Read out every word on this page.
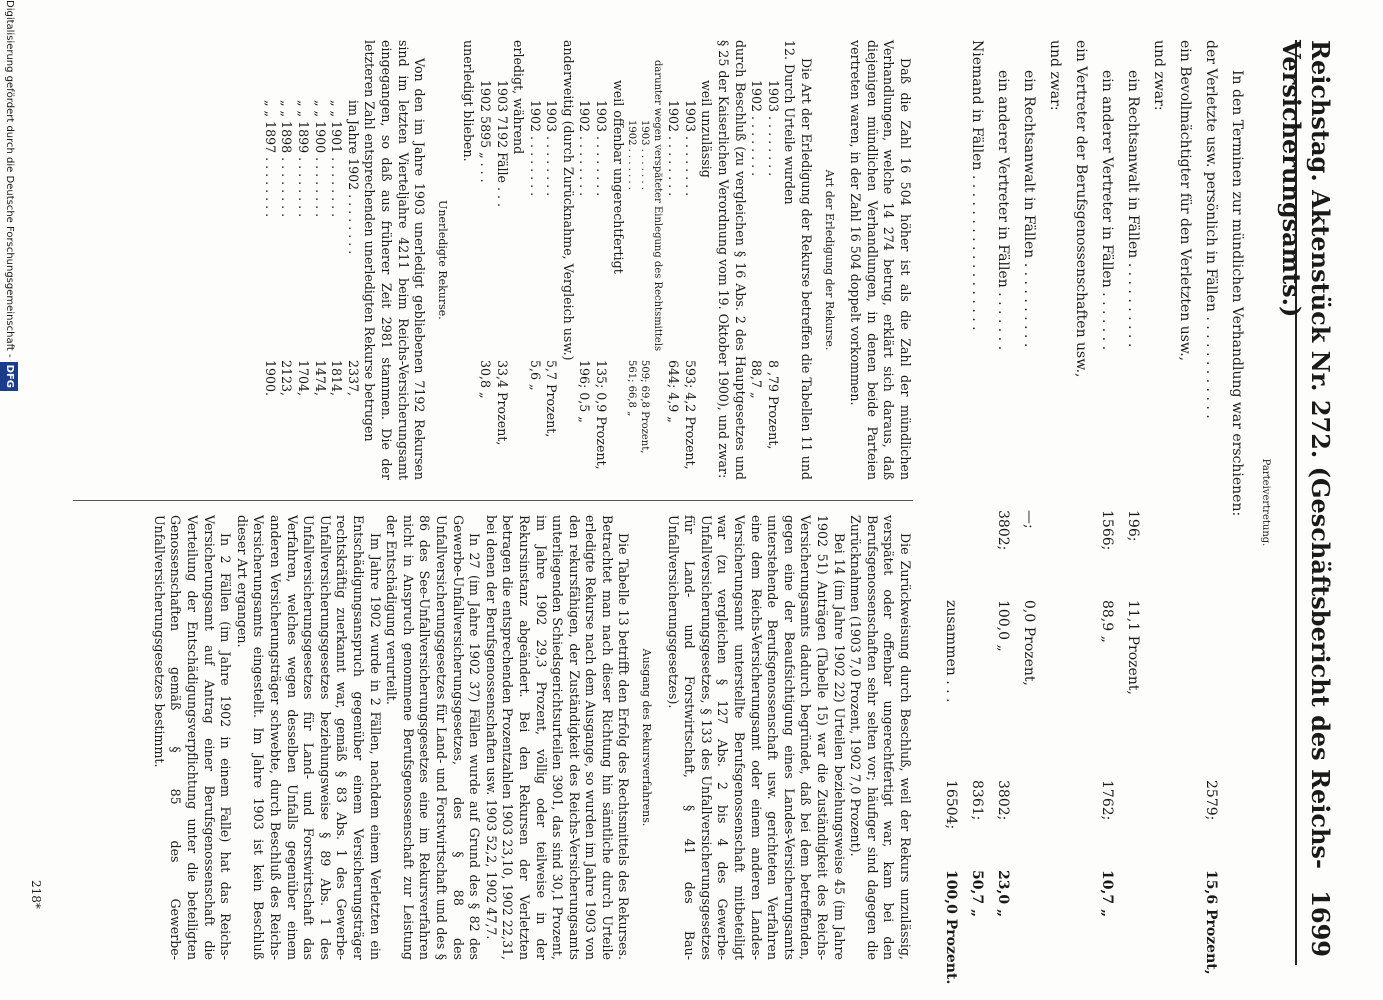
Reichstag. Aktenstück Nr. 272. (Geschäftsbericht des Reichs-Versicherungsamts.)
1699
Parteivertretung.
In den Terminen zur mündlichen Verhandlung war erschienen:
der Verletzte usw. persönlich in Fällen . . . . . . . . . . . .
2579;
15,6 Prozent,
ein Bevollmächtigter für den Verletzten usw.,
und zwar:
ein Rechtsanwalt in Fällen . . . . . . . . . .
196;
11,1 Prozent,
ein anderer Vertreter in Fällen . . . . . . .
1566;
88,9 „
1762;
10,7 „
ein Vertreter der Berufsgenossenschaften usw.,
und zwar:
ein Rechtsanwalt in Fällen . . . . . . . . . .
—;
0,0 Prozent,
ein anderer Vertreter in Fällen . . . . . . .
3802;
100,0 „
3802;
23,0 „
Niemand in Fällen . . . . . . . . . . . . . . . . . .
8361;
50,7 „
zusammen . . .
16504;
100,0 Prozent.

Daß die Zahl 16 504 höher ist als die Zahl der mündlichen Verhandlungen, welche 14 274 betrug, erklärt sich daraus, daß diejenigen mündlichen Verhandlungen, in denen beide Parteien vertreten waren, in der Zahl 16 504 doppelt vorkommen.

Art der Erledigung der Rekurse.

Die Art der Erledigung der Rekurse betreffen die Tabellen 11 und 12. Durch Urteile wurden

1903 . . . . . . . .
8 ,79 Prozent,
1902 . . . . . . . .
88,7 „

durch Beschluß (zu vergleichen § 16 Abs. 2 des Hauptgesetzes und § 25 der Kaiserlichen Verordnung vom 19. Oktober 1900), und zwar:

weil unzulässig
1903 . . . . . . . .
593; 4,2 Prozent,
1902 . . . . . . . .
644; 4,9 „
darunter wegen verspäteter Einlegung des Rechtsmittels
1903 . . . . . . .
509; 69,8 Prozent,
1902 . . . . . . .
561; 66,8 „
weil offenbar ungerechtfertigt
1903 . . . . . . . .
135; 0,9 Prozent,
1902 . . . . . . . .
196; 0,5 „
anderweitig (durch Zurücknahme, Vergleich usw.)
1903 . . . . . . . .
5,7 Prozent,
1902 . . . . . . . .
5,6 „
erledigt, während
1903 7192 Fälle . . .
33,4 Prozent,
1902 5895 „ . . .
30,8 „
unerledigt blieben.
Unerledigte Rekurse.

Von den im Jahre 1903 unerledigt gebliebenen 7192 Rekursen sind im letzten Vierteljahre 4211 beim Reichs-Versicherungsamt eingegangen, so daß aus früherer Zeit 2981 stammen. Die der letzteren Zahl entsprechenden unerledigten Rekurse betrugen

im Jahre 1902 . . . . . . . .
2337,
„ „ 1901 . . . . . . . .
1814,
„ „ 1900 . . . . . . . .
1474,
„ „ 1899 . . . . . . . .
1704,
„ „ 1898 . . . . . . . .
2123,
„ „ 1897 . . . . . . . .
1900.

Die Zurückweisung durch Beschluß, weil der Rekurs unzulässig, verspätet oder offenbar ungerechtfertigt war, kam bei den Berufsgenossenschaften sehr selten vor; häufiger sind dagegen die Zurücknahmen (1903 7,0 Prozent, 1902 7,0 Prozent).

Bei 14 (im Jahre 1902 22) Urteilen beziehungsweise 45 (im Jahre 1902 51) Anträgen (Tabelle 15) war die Zuständigkeit des Reichs-Versicherungsamts dadurch begründet, daß bei dem betreffenden, gegen eine der Beaufsichtigung eines Landes-Versicherungsamts unterstehende Berufsgenossenschaft usw. gerichteten Verfahren eine dem Reichs-Versicherungsamt oder einem anderen Landes-Versicherungsamt unterstellte Berufsgenossenschaft mitbeteiligt war (zu vergleichen § 127 Abs. 2 bis 4 des Gewerbe-Unfallversicherungsgesetzes, § 133 des Unfallversicherungsgesetzes für Land- und Forstwirtschaft, § 41 des Bau-Unfallversicherungsgesetzes).

Ausgang des Rekursverfahrens.

Die Tabelle 13 betrifft den Erfolg des Rechtsmittels des Rekurses. Betrachtet man nach dieser Richtung hin sämtliche durch Urteile erledigte Rekurse nach dem Ausgange, so wurden im Jahre 1903 von den rekursfähigen, der Zuständigkeit des Reichs-Versicherungsamts unterliegenden Schiedsgerichtsurteilen 3901, das sind 30,1 Prozent, im Jahre 1902 29,3 Prozent, völlig oder teilweise in der Rekursinstanz abgeändert. Bei den Rekursen der Verletzten betragen die entsprechenden Prozentzahlen 1903 23,10, 1902 22,31, bei denen der Berufsgenossenschaften usw. 1903 52,2, 1902 47,7.

In 27 (im Jahre 1902 37) Fällen wurde auf Grund des § 82 des Gewerbe-Unfallversicherungsgesetzes, des § 88 des Unfallversicherungsgesetzes für Land- und Forstwirtschaft und des § 86 des See-Unfallversicherungsgesetzes eine im Rekursverfahren nicht in Anspruch genommene Berufsgenossenschaft zur Leistung der Entschädigung verurteilt.

Im Jahre 1902 wurde in 2 Fällen, nachdem einem Verletzten ein Entschädigungsanspruch gegenüber einem Versicherungsträger rechtskräftig zuerkannt war, gemäß § 83 Abs. 1 des Gewerbe-Unfallversicherungsgesetzes beziehungsweise § 89 Abs. 1 des Unfallversicherungsgesetzes für Land- und Forstwirtschaft das Verfahren, welches wegen desselben Unfalls gegenüber einem anderen Versicherungsträger schwebte, durch Beschluß des Reichs-Versicherungsamts eingestellt. Im Jahre 1903 ist kein Beschluß dieser Art ergangen.

In 2 Fällen (im Jahre 1902 in einem Falle) hat das Reichs-Versicherungsamt auf Antrag einer Berufsgenossenschaft die Verteilung der Entschädigungsverpflichtung unter die beteiligten Genossenschaften gemäß § 85 des Gewerbe-Unfallversicherungsgesetzes bestimmt.

218*
Digitalisierung gefördert durch die Deutsche Forschungsgemeinschaft -DFG
